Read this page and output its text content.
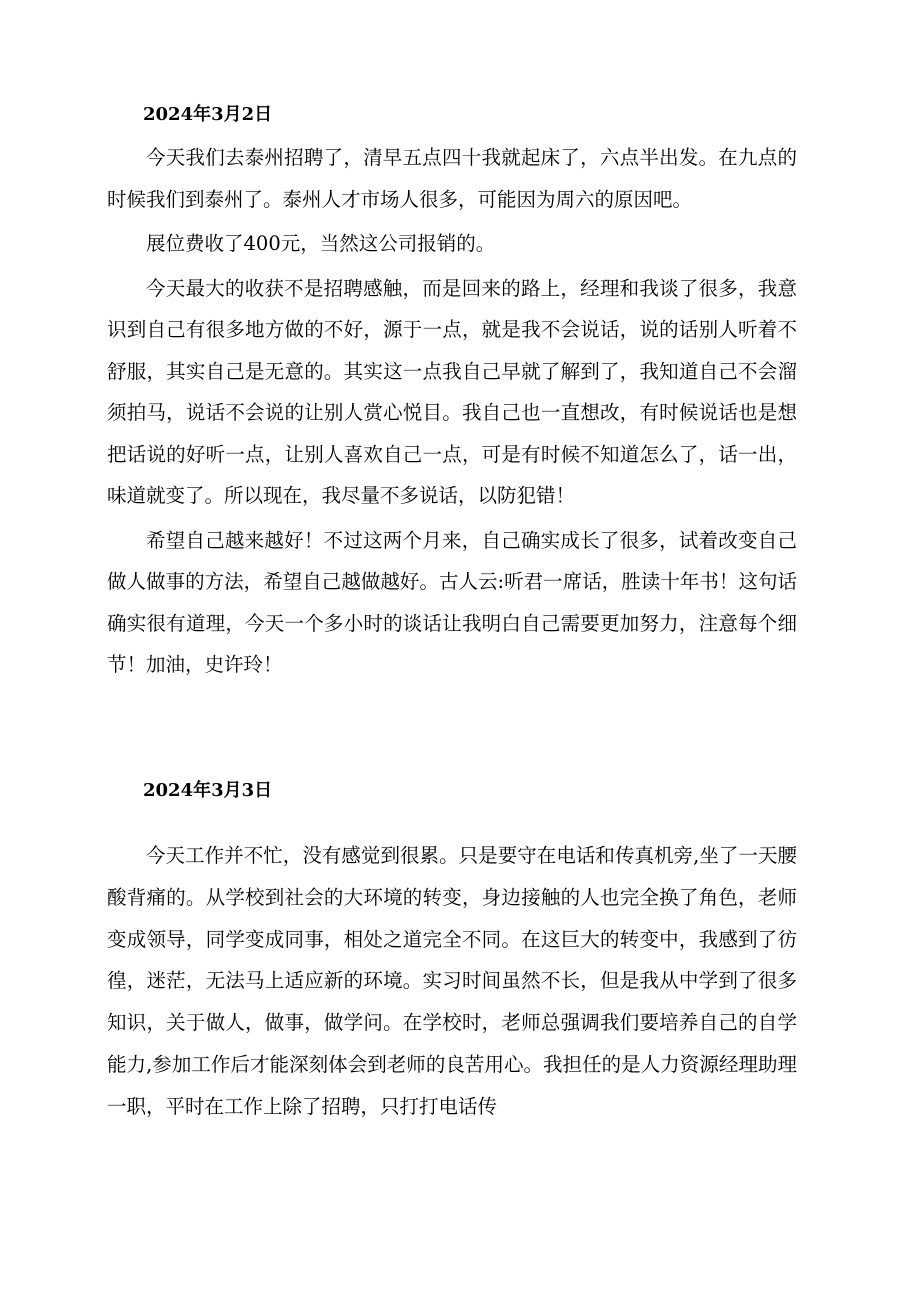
2024年3月2日

今天我们去泰州招聘了，清早五点四十我就起床了，六点半出发。在九点的时候我们到泰州了。泰州人才市场人很多，可能因为周六的原因吧。

展位费收了400元，当然这公司报销的。

今天最大的收获不是招聘感触，而是回来的路上，经理和我谈了很多，我意识到自己有很多地方做的不好，源于一点，就是我不会说话，说的话别人听着不舒服，其实自己是无意的。其实这一点我自己早就了解到了，我知道自己不会溜须拍马，说话不会说的让别人赏心悦目。我自己也一直想改，有时候说话也是想把话说的好听一点，让别人喜欢自己一点，可是有时候不知道怎么了，话一出，味道就变了。所以现在，我尽量不多说话，以防犯错！

希望自己越来越好！不过这两个月来，自己确实成长了很多，试着改变自己做人做事的方法，希望自己越做越好。古人云:听君一席话，胜读十年书！这句话确实很有道理，今天一个多小时的谈话让我明白自己需要更加努力，注意每个细节！加油，史许玲！

2024年3月3日

今天工作并不忙，没有感觉到很累。只是要守在电话和传真机旁,坐了一天腰酸背痛的。从学校到社会的大环境的转变，身边接触的人也完全换了角色，老师变成领导，同学变成同事，相处之道完全不同。在这巨大的转变中，我感到了彷徨，迷茫，无法马上适应新的环境。实习时间虽然不长，但是我从中学到了很多知识，关于做人，做事，做学问。在学校时，老师总强调我们要培养自己的自学能力,参加工作后才能深刻体会到老师的良苦用心。我担任的是人力资源经理助理一职，平时在工作上除了招聘，只打打电话传
